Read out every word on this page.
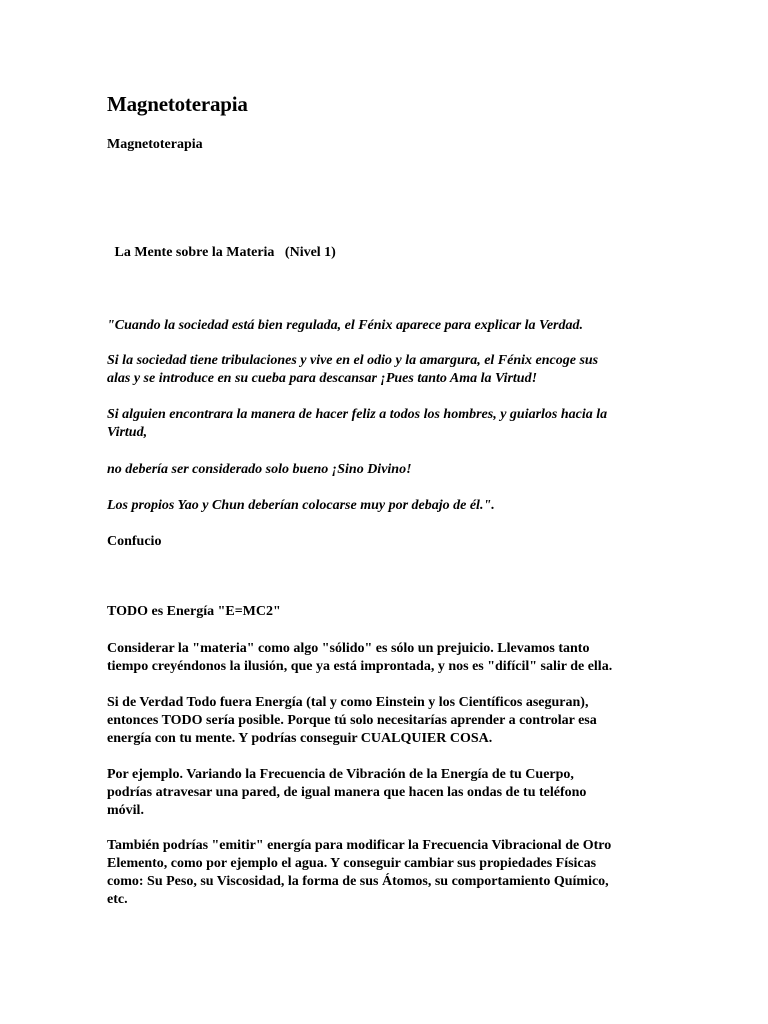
Magnetoterapia
Magnetoterapia
La Mente sobre la Materia   (Nivel 1)
"Cuando la sociedad está bien regulada, el Fénix aparece para explicar la Verdad.
Si la sociedad tiene tribulaciones y vive en el odio y la amargura, el Fénix encoge sus
alas y se introduce en su cueba para descansar ¡Pues tanto Ama la Virtud!
Si alguien encontrara la manera de hacer feliz a todos los hombres, y guiarlos hacia la
Virtud,
no debería ser considerado solo bueno ¡Sino Divino!
Los propios Yao y Chun deberían colocarse muy por debajo de él.".
Confucio
TODO es Energía "E=MC2"
Considerar la "materia" como algo "sólido" es sólo un prejuicio. Llevamos tanto
tiempo creyéndonos la ilusión, que ya está improntada, y nos es "difícil" salir de ella.
Si de Verdad Todo fuera Energía (tal y como Einstein y los Científicos aseguran),
entonces TODO sería posible. Porque tú solo necesitarías aprender a controlar esa
energía con tu mente. Y podrías conseguir CUALQUIER COSA.
Por ejemplo. Variando la Frecuencia de Vibración de la Energía de tu Cuerpo,
podrías atravesar una pared, de igual manera que hacen las ondas de tu teléfono
móvil.
También podrías "emitir" energía para modificar la Frecuencia Vibracional de Otro
Elemento, como por ejemplo el agua. Y conseguir cambiar sus propiedades Físicas
como: Su Peso, su Viscosidad, la forma de sus Átomos, su comportamiento Químico,
etc.
